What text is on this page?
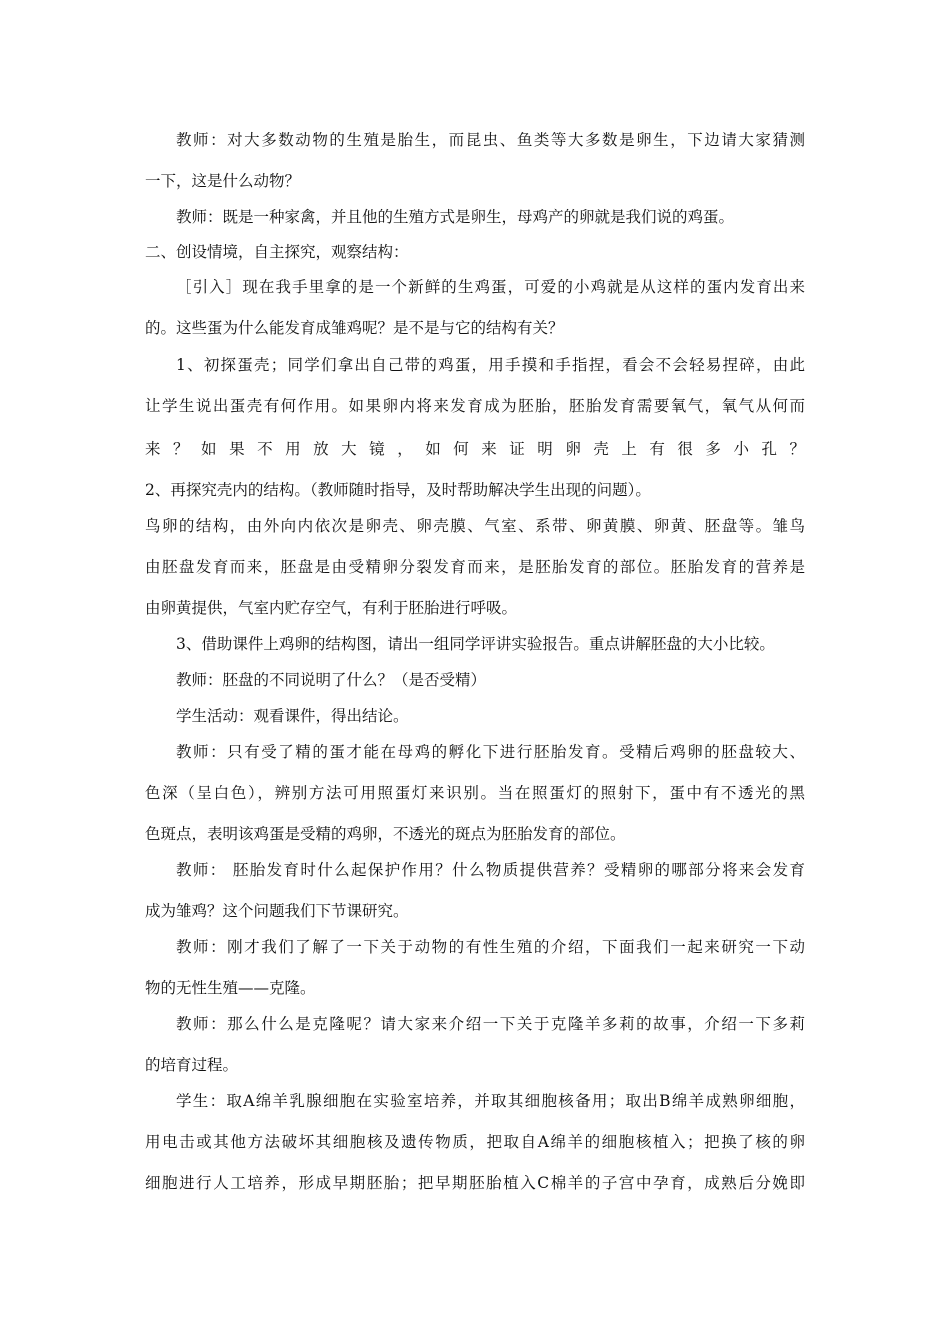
教师：对大多数动物的生殖是胎生，而昆虫、鱼类等大多数是卵生，下边请大家猜测
一下，这是什么动物？
教师：既是一种家禽，并且他的生殖方式是卵生，母鸡产的卵就是我们说的鸡蛋。
二、创设情境，自主探究，观察结构：
［引入］现在我手里拿的是一个新鲜的生鸡蛋，可爱的小鸡就是从这样的蛋内发育出来
的。这些蛋为什么能发育成雏鸡呢？是不是与它的结构有关？
1、初探蛋壳；同学们拿出自己带的鸡蛋，用手摸和手指捏，看会不会轻易捏碎，由此
让学生说出蛋壳有何作用。如果卵内将来发育成为胚胎，胚胎发育需要氧气，氧气从何而
来？如果不用放大镜，如何来证明卵壳上有很多小孔？
2、再探究壳内的结构。（教师随时指导，及时帮助解决学生出现的问题）。
鸟卵的结构，由外向内依次是卵壳、卵壳膜、气室、系带、卵黄膜、卵黄、胚盘等。雏鸟
由胚盘发育而来，胚盘是由受精卵分裂发育而来，是胚胎发育的部位。胚胎发育的营养是
由卵黄提供，气室内贮存空气，有利于胚胎进行呼吸。
3、借助课件上鸡卵的结构图，请出一组同学评讲实验报告。重点讲解胚盘的大小比较。
教师：胚盘的不同说明了什么？（是否受精）
学生活动：观看课件，得出结论。
教师：只有受了精的蛋才能在母鸡的孵化下进行胚胎发育。受精后鸡卵的胚盘较大、
色深（呈白色），辨别方法可用照蛋灯来识别。当在照蛋灯的照射下，蛋中有不透光的黑
色斑点，表明该鸡蛋是受精的鸡卵，不透光的斑点为胚胎发育的部位。
教师： 胚胎发育时什么起保护作用？什么物质提供营养？受精卵的哪部分将来会发育
成为雏鸡？这个问题我们下节课研究。
教师：刚才我们了解了一下关于动物的有性生殖的介绍，下面我们一起来研究一下动
物的无性生殖——克隆。
教师：那么什么是克隆呢？请大家来介绍一下关于克隆羊多莉的故事，介绍一下多莉
的培育过程。
学生：取A绵羊乳腺细胞在实验室培养，并取其细胞核备用；取出B绵羊成熟卵细胞，
用电击或其他方法破坏其细胞核及遗传物质，把取自A绵羊的细胞核植入；把换了核的卵
细胞进行人工培养，形成早期胚胎；把早期胚胎植入C棉羊的子宫中孕育，成熟后分娩即
